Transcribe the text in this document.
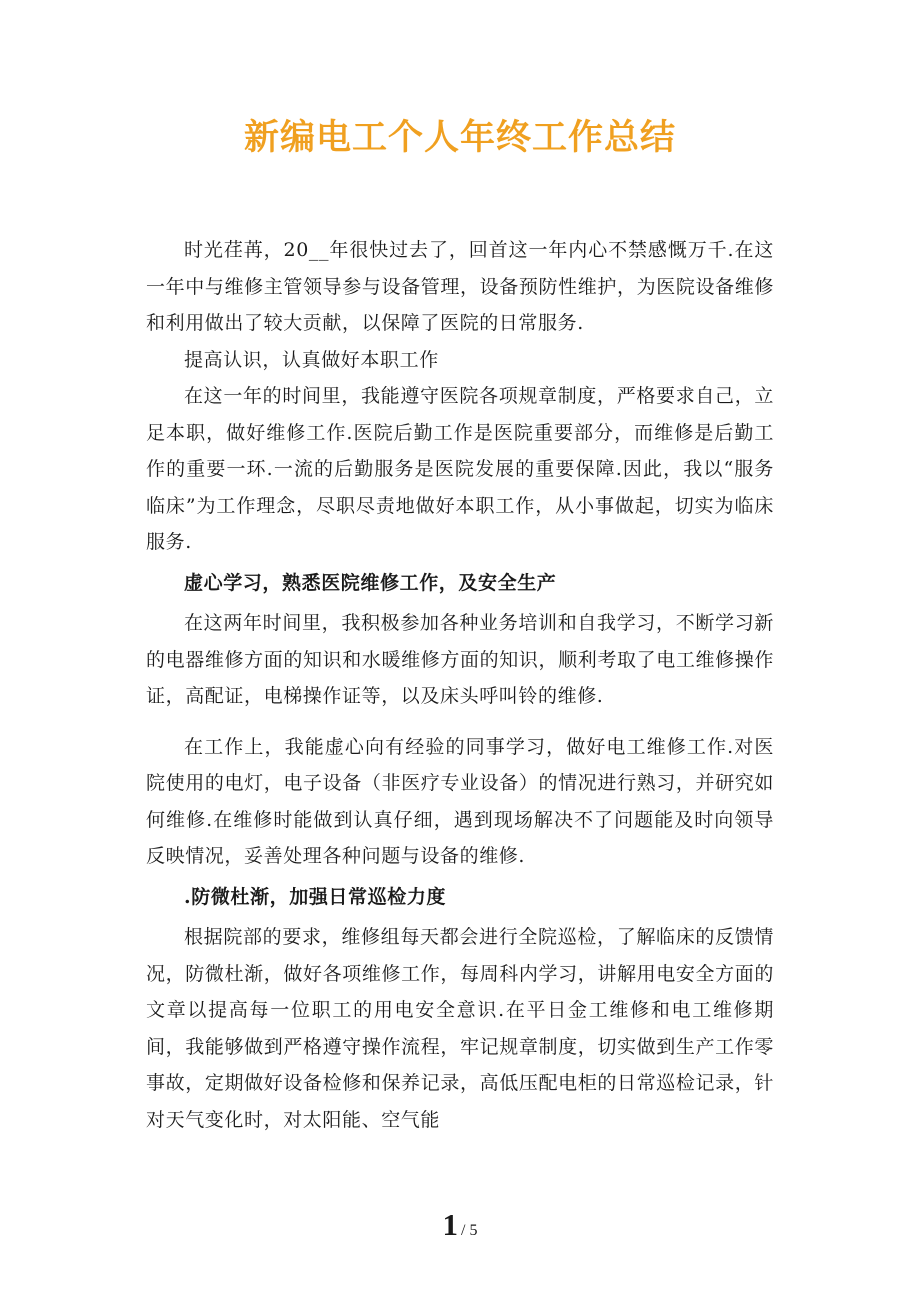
新编电工个人年终工作总结

时光荏苒，20__年很快过去了，回首这一年内心不禁感慨万千.在这一年中与维修主管领导参与设备管理，设备预防性维护，为医院设备维修和利用做出了较大贡献，以保障了医院的日常服务.

提高认识，认真做好本职工作

在这一年的时间里，我能遵守医院各项规章制度，严格要求自己，立足本职，做好维修工作.医院后勤工作是医院重要部分，而维修是后勤工作的重要一环.一流的后勤服务是医院发展的重要保障.因此，我以“服务临床”为工作理念，尽职尽责地做好本职工作，从小事做起，切实为临床服务.

虚心学习，熟悉医院维修工作，及安全生产

在这两年时间里，我积极参加各种业务培训和自我学习，不断学习新的电器维修方面的知识和水暖维修方面的知识，顺利考取了电工维修操作证，高配证，电梯操作证等，以及床头呼叫铃的维修.

在工作上，我能虚心向有经验的同事学习，做好电工维修工作.对医院使用的电灯，电子设备（非医疗专业设备）的情况进行熟习，并研究如何维修.在维修时能做到认真仔细，遇到现场解决不了问题能及时向领导反映情况，妥善处理各种问题与设备的维修.

.防微杜渐，加强日常巡检力度

根据院部的要求，维修组每天都会进行全院巡检，了解临床的反馈情况，防微杜渐，做好各项维修工作，每周科内学习，讲解用电安全方面的文章以提高每一位职工的用电安全意识.在平日金工维修和电工维修期间，我能够做到严格遵守操作流程，牢记规章制度，切实做到生产工作零事故，定期做好设备检修和保养记录，高低压配电柜的日常巡检记录，针对天气变化时，对太阳能、空气能

1 / 5
